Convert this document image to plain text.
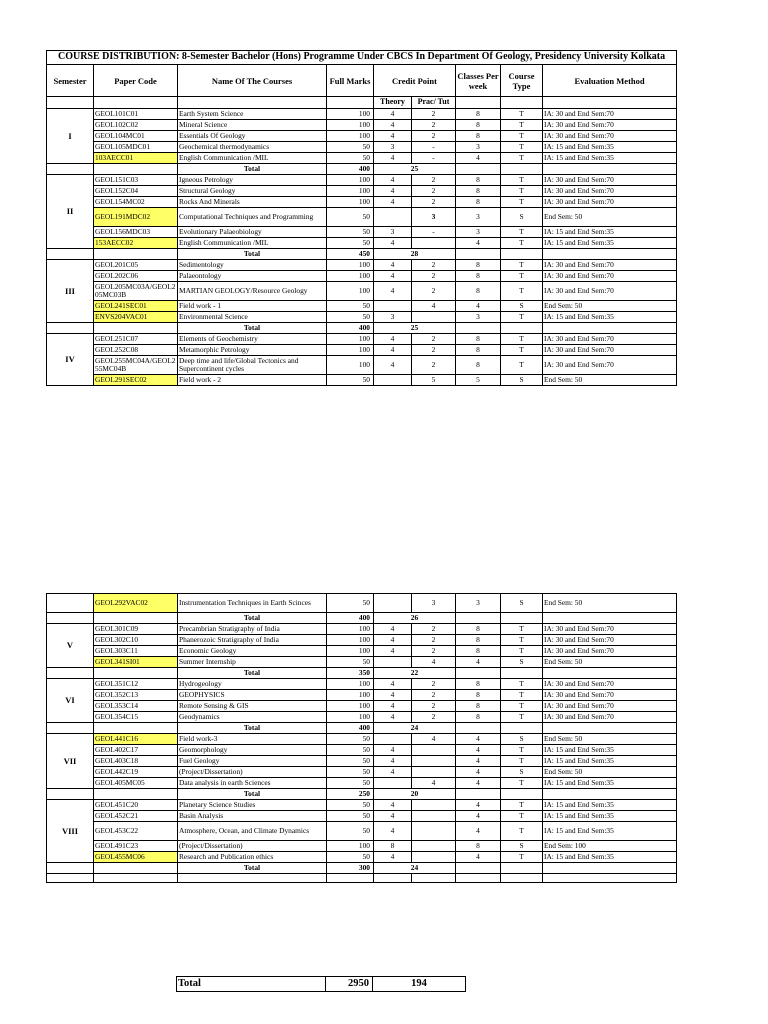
COURSE DISTRIBUTION: 8-Semester Bachelor (Hons) Programme Under CBCS In Department Of Geology, Presidency University Kolkata								
Semester	Paper Code	Name Of The Courses	Full Marks	Credit Point		Classes Per week	Course Type	Evaluation Method
				Theory	Prac/ Tut			
I	GEOL101C01	Earth System Science	100	4	2	8	T	IA: 30 and End Sem:70
	GEOL102C02	Mineral Science	100	4	2	8	T	IA: 30 and End Sem:70
	GEOL104MC01	Essentials Of Geology	100	4	2	8	T	IA: 30 and End Sem:70
	GEOL105MDC01	Geochemical thermodynamics	50	3	-	3	T	IA: 15 and End Sem:35
	103AECC01	English Communication /MIL	50	4	-	4	T	IA: 15 and End Sem:35
		Total	400	25				
II	GEOL151C03	Igneous Petrology	100	4	2	8	T	IA: 30 and End Sem:70
	GEOL152C04	Structural Geology	100	4	2	8	T	IA: 30 and End Sem:70
	GEOL154MC02	Rocks And Minerals	100	4	2	8	T	IA: 30 and End Sem:70
	GEOL191MDC02	Computational Techniques and Programming	50		3	3	S	End Sem: 50
	GEOL156MDC03	Evolutionary Palaeobiology	50	3	-	3	T	IA: 15 and End Sem:35
	153AECC02	English Communication /MIL	50	4		4	T	IA: 15 and End Sem:35
		Total	450	28				
III	GEOL201C05	Sedimentology	100	4	2	8	T	IA: 30 and End Sem:70
	GEOL202C06	Palaeontology	100	4	2	8	T	IA: 30 and End Sem:70
	GEOL205MC03A/GEOL205MC03B	MARTIAN GEOLOGY/Resource Geology	100	4	2	8	T	IA: 30 and End Sem:70
	GEOL241SEC01	Field work - 1	50		4	4	S	End Sem: 50
	ENVS204VAC01	Environmental Science	50	3		3	T	IA: 15 and End Sem:35
		Total	400	25				
IV	GEOL251C07	Elements of Geochemistry	100	4	2	8	T	IA: 30 and End Sem:70
	GEOL252C08	Metamorphic Petrology	100	4	2	8	T	IA: 30 and End Sem:70
	GEOL255MC04A/GEOL255MC04B	Deep time and life/Global Tectonics and Supercontinent cycles	100	4	2	8	T	IA: 30 and End Sem:70
	GEOL291SEC02	Field work - 2	50		5	5	S	End Sem: 50
	GEOL292VAC02	Instrumentation Techniques in Earth Scinces	50		3	3	S	End Sem: 50
		Total	400	26				
V	GEOL301C09	Precambrian Stratigraphy of India	100	4	2	8	T	IA: 30 and End Sem:70
	GEOL302C10	Phanerozoic Stratigraphy of India	100	4	2	8	T	IA: 30 and End Sem:70
	GEOL303C11	Economic Geology	100	4	2	8	T	IA: 30 and End Sem:70
	GEOL341SI01	Summer Internship	50		4	4	S	End Sem: 50
		Total	350	22				
VI	GEOL351C12	Hydrogeology	100	4	2	8	T	IA: 30 and End Sem:70
	GEOL352C13	GEOPHYSICS	100	4	2	8	T	IA: 30 and End Sem:70
	GEOL353C14	Remote Sensing & GIS	100	4	2	8	T	IA: 30 and End Sem:70
	GEOL354C15	Geodynamics	100	4	2	8	T	IA: 30 and End Sem:70
		Total	400	24				
VII	GEOL441C16	Field work-3	50		4	4	S	End Sem: 50
	GEOL402C17	Geomorphology	50	4		4	T	IA: 15 and End Sem:35
	GEOL403C18	Fuel Geology	50	4		4	T	IA: 15 and End Sem:35
	GEOL442C19	(Project/Dissertation)	50	4		4	S	End Sem: 50
	GEOL405MC05	Data analysis in earth Sciences	50		4	4	T	IA: 15 and End Sem:35
		Total	250	20				
VIII	GEOL451C20	Planetary Science Studies	50	4		4	T	IA: 15 and End Sem:35
	GEOL452C21	Basin Analysis	50	4		4	T	IA: 15 and End Sem:35
	GEOL453C22	Atmosphere, Ocean, and Climate Dynamics	50	4		4	T	IA: 15 and End Sem:35
	GEOL491C23	(Project/Dissertation)	100	8		8	S	End Sem: 100
	GEOL455MC06	Research and Publication ethics	50	4		4	T	IA: 15 and End Sem:35
		Total	300	24				

Total	2950	194
